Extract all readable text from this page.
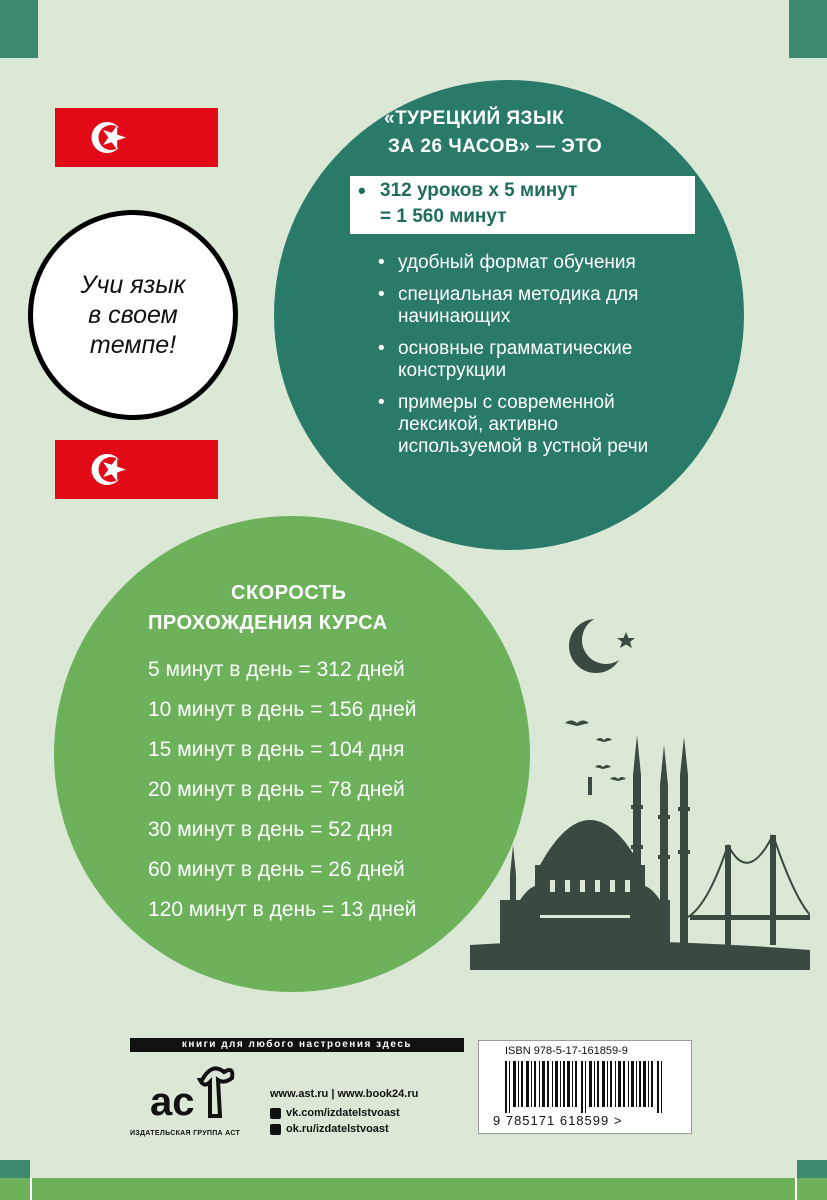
Учи язык
в своем
темпе!
«ТУРЕЦКИЙ ЯЗЫК
ЗА 26 ЧАСОВ» — ЭТО
• 312 уроков х 5 минут
= 1 560 минут
• удобный формат обучения
• специальная методика для начинающих
• основные грамматические конструкции
• примеры с современной лексикой, активно используемой в устной речи
СКОРОСТЬ
ПРОХОЖДЕНИЯ КУРСА
5 минут в день = 312 дней
10 минут в день = 156 дней
15 минут в день = 104 дня
20 минут в день = 78 дней
30 минут в день = 52 дня
60 минут в день = 26 дней
120 минут в день = 13 дней
книги для любого настроения здесь
ac
ИЗДАТЕЛЬСКАЯ ГРУППА АСТ
www.ast.ru | www.book24.ru
vk.com/izdatelstvoast
ok.ru/izdatelstvoast
ISBN 978-5-17-161859-9
9 785171 618599 >
